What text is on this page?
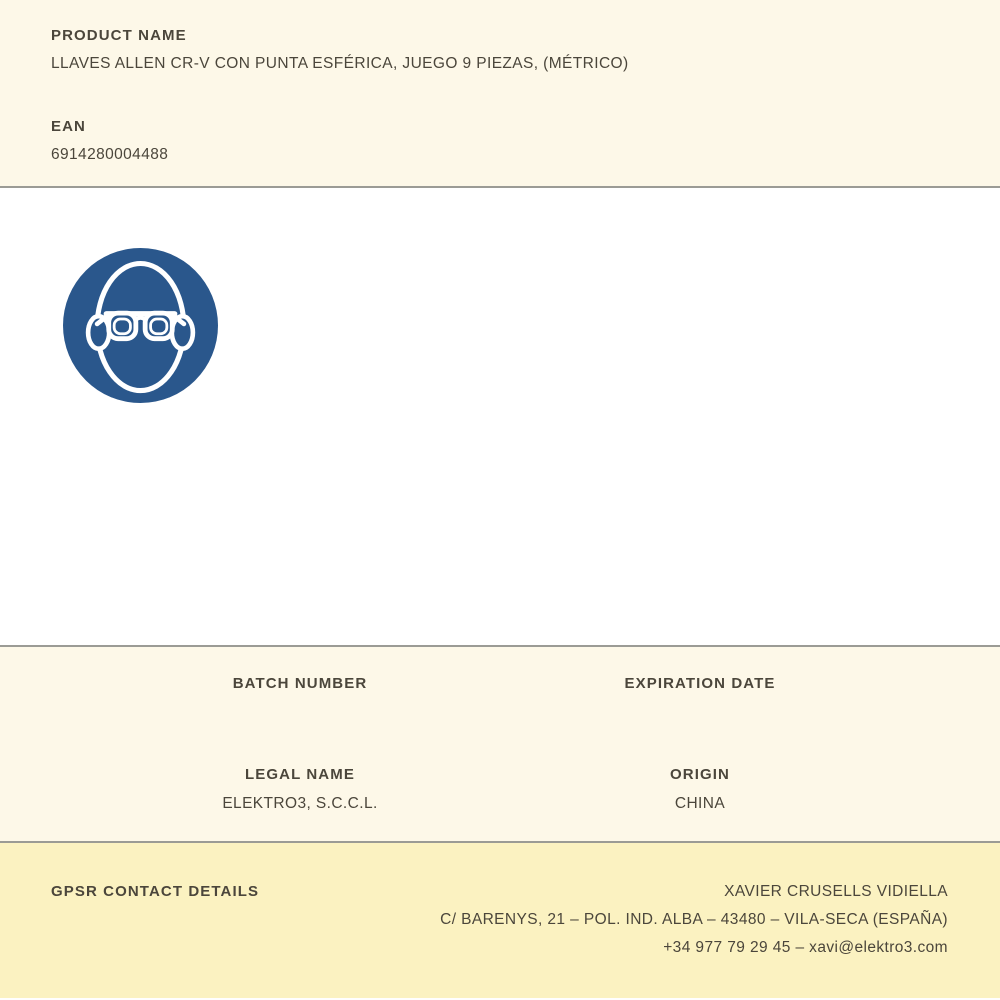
PRODUCT NAME
LLAVES ALLEN CR-V CON PUNTA ESFÉRICA, JUEGO 9 PIEZAS, (MÉTRICO)
EAN
6914280004488
BATCH NUMBER	EXPIRATION DATE
LEGAL NAME
ELEKTRO3, S.C.C.L.
ORIGIN
CHINA
GPSR CONTACT DETAILS	XAVIER CRUSELLS VIDIELLA
C/ BARENYS, 21 – POL. IND. ALBA – 43480 – VILA-SECA (ESPAÑA)
+34 977 79 29 45 – xavi@elektro3.com
